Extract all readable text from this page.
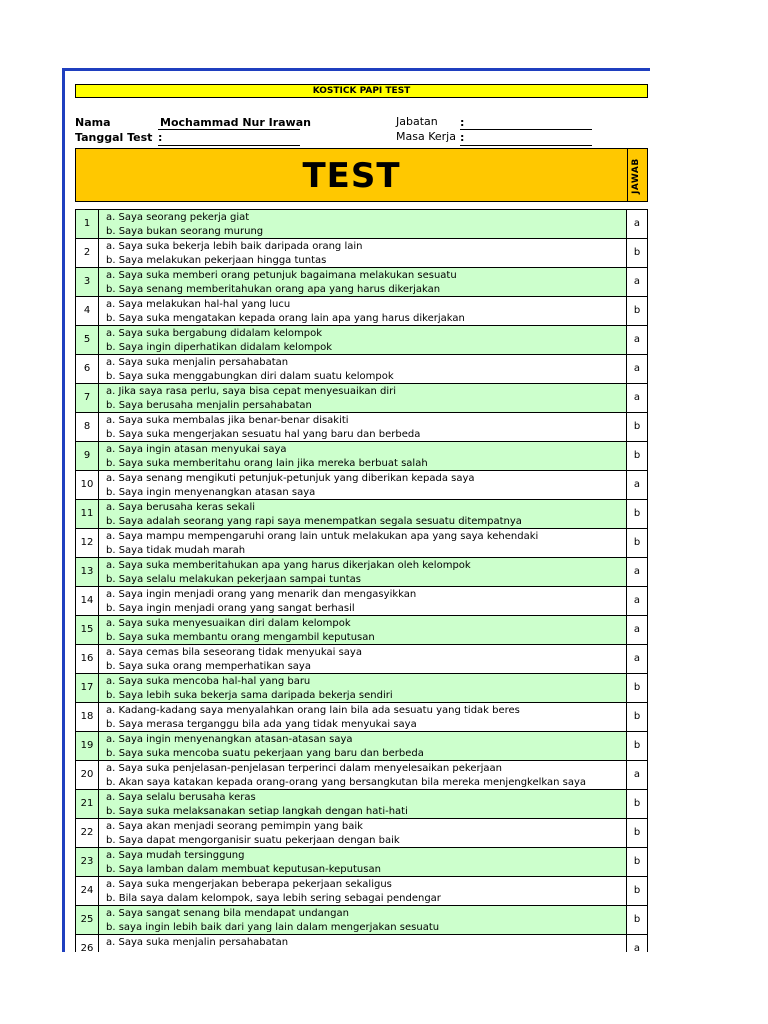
KOSTICK PAPI TEST
Nama	Mochammad Nur Irawan
Tanggal Test :
Jabatan :
Masa Kerja :
TEST	JAWAB
1
a. Saya seorang pekerja giat
b. Saya bukan seorang murung
a
2
a. Saya suka bekerja lebih baik daripada orang lain
b. Saya melakukan pekerjaan hingga tuntas
b
3
a. Saya suka memberi orang petunjuk bagaimana melakukan sesuatu
b. Saya senang memberitahukan orang apa yang harus dikerjakan
a
4
a. Saya melakukan hal-hal yang lucu
b. Saya suka mengatakan kepada orang lain apa yang harus dikerjakan
b
5
a. Saya suka bergabung didalam kelompok
b. Saya ingin diperhatikan didalam kelompok
a
6
a. Saya suka menjalin persahabatan
b. Saya suka menggabungkan diri dalam suatu kelompok
a
7
a. Jika saya rasa perlu, saya bisa cepat menyesuaikan diri
b. Saya berusaha menjalin persahabatan
a
8
a. Saya suka membalas jika benar-benar disakiti
b. Saya suka mengerjakan sesuatu hal yang baru dan berbeda
b
9
a. Saya ingin atasan menyukai saya
b. Saya suka memberitahu orang lain jika mereka berbuat salah
b
10
a. Saya senang mengikuti petunjuk-petunjuk yang diberikan kepada saya
b. Saya ingin menyenangkan atasan saya
a
11
a. Saya berusaha keras sekali
b. Saya adalah seorang yang rapi saya menempatkan segala sesuatu ditempatnya
b
12
a. Saya mampu mempengaruhi orang lain untuk melakukan apa yang saya kehendaki
b. Saya tidak mudah marah
b
13
a. Saya suka memberitahukan apa yang harus dikerjakan oleh kelompok
b. Saya selalu melakukan pekerjaan sampai tuntas
a
14
a. Saya ingin menjadi orang yang menarik dan mengasyikkan
b. Saya ingin menjadi orang yang sangat berhasil
a
15
a. Saya suka menyesuaikan diri dalam kelompok
b. Saya suka membantu orang mengambil keputusan
a
16
a. Saya cemas bila seseorang tidak menyukai saya
b. Saya suka orang memperhatikan saya
a
17
a. Saya suka mencoba hal-hal yang baru
b. Saya lebih suka bekerja sama daripada bekerja sendiri
b
18
a. Kadang-kadang saya menyalahkan orang lain bila ada sesuatu yang tidak beres
b. Saya merasa terganggu bila ada yang tidak menyukai saya
b
19
a. Saya ingin menyenangkan atasan-atasan saya
b. Saya suka mencoba suatu pekerjaan yang baru dan berbeda
b
20
a. Saya suka penjelasan-penjelasan terperinci dalam menyelesaikan pekerjaan
b. Akan saya katakan kepada orang-orang yang bersangkutan bila mereka menjengkelkan saya
a
21
a. Saya selalu berusaha keras
b. Saya suka melaksanakan setiap langkah dengan hati-hati
b
22
a. Saya akan menjadi seorang pemimpin yang baik
b. Saya dapat mengorganisir suatu pekerjaan dengan baik
b
23
a. Saya mudah tersinggung
b. Saya lamban dalam membuat keputusan-keputusan
b
24
a. Saya suka mengerjakan beberapa pekerjaan sekaligus
b. Bila saya dalam kelompok, saya lebih sering sebagai pendengar
b
25
a. Saya sangat senang bila mendapat undangan
b. saya ingin lebih baik dari yang lain dalam mengerjakan sesuatu
b
26
a. Saya suka menjalin persahabatan
a
